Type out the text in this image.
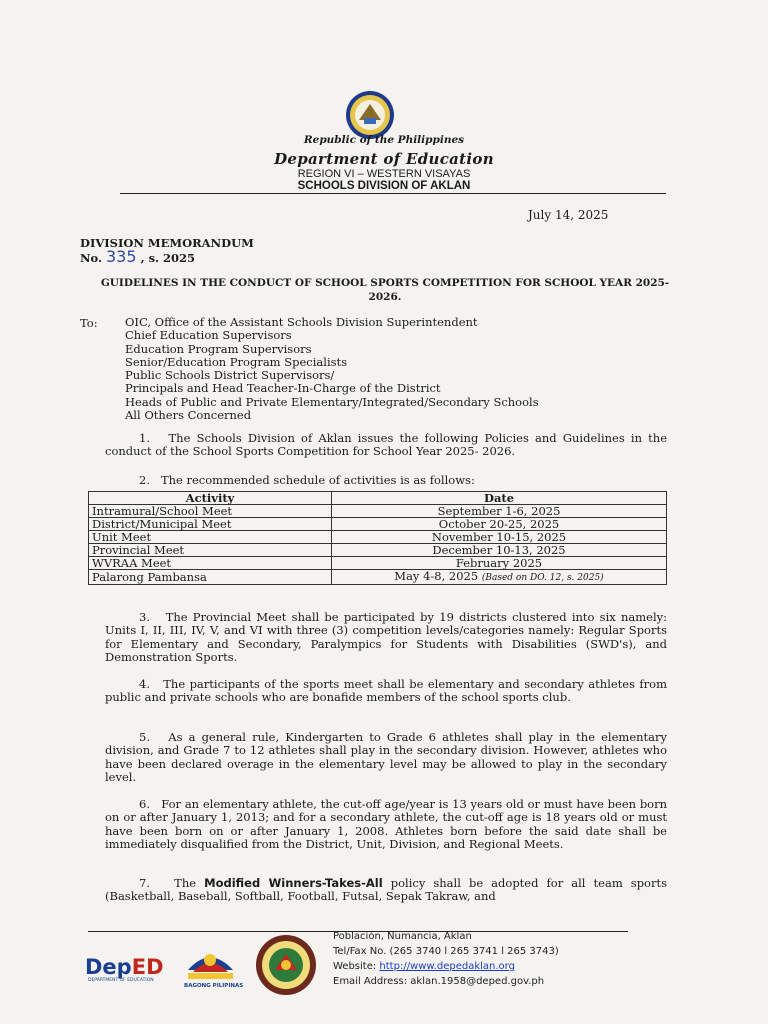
Republic of the Philippines
Department of Education
REGION VI – WESTERN VISAYAS
SCHOOLS DIVISION OF AKLAN
July 14, 2025
DIVISION MEMORANDUM
No. 335 , s. 2025
GUIDELINES IN THE CONDUCT OF SCHOOL SPORTS COMPETITION FOR SCHOOL YEAR 2025- 2026.
To: OIC, Office of the Assistant Schools Division Superintendent
Chief Education Supervisors
Education Program Supervisors
Senior/Education Program Specialists
Public Schools District Supervisors/
Principals and Head Teacher-In-Charge of the District
Heads of Public and Private Elementary/Integrated/Secondary Schools
All Others Concerned
1. The Schools Division of Aklan issues the following Policies and Guidelines in the conduct of the School Sports Competition for School Year 2025- 2026.
2. The recommended schedule of activities is as follows:
Activity	Date
Intramural/School Meet	September 1-6, 2025
District/Municipal Meet	October 20-25, 2025
Unit Meet	November 10-15, 2025
Provincial Meet	December 10-13, 2025
WVRAA Meet	February 2025
Palarong Pambansa	May 4-8, 2025 (Based on DO. 12, s. 2025)
3. The Provincial Meet shall be participated by 19 districts clustered into six namely: Units I, II, III, IV, V, and VI with three (3) competition levels/categories namely: Regular Sports for Elementary and Secondary, Paralympics for Students with Disabilities (SWD's), and Demonstration Sports.
4. The participants of the sports meet shall be elementary and secondary athletes from public and private schools who are bonafide members of the school sports club.
5. As a general rule, Kindergarten to Grade 6 athletes shall play in the elementary division, and Grade 7 to 12 athletes shall play in the secondary division. However, athletes who have been declared overage in the elementary level may be allowed to play in the secondary level.
6. For an elementary athlete, the cut-off age/year is 13 years old or must have been born on or after January 1, 2013; and for a secondary athlete, the cut-off age is 18 years old or must have been born on or after January 1, 2008. Athletes born before the said date shall be immediately disqualified from the District, Unit, Division, and Regional Meets.
7. The Modified Winners-Takes-All policy shall be adopted for all team sports (Basketball, Baseball, Softball, Football, Futsal, Sepak Takraw, and
DepED
DEPARTMENT OF EDUCATION
BAGONG PILIPINAS
Población, Numancia, Aklan
Tel/Fax No. (265 3740 l 265 3741 l 265 3743)
Website: http://www.depedaklan.org
Email Address: aklan.1958@deped.gov.ph
